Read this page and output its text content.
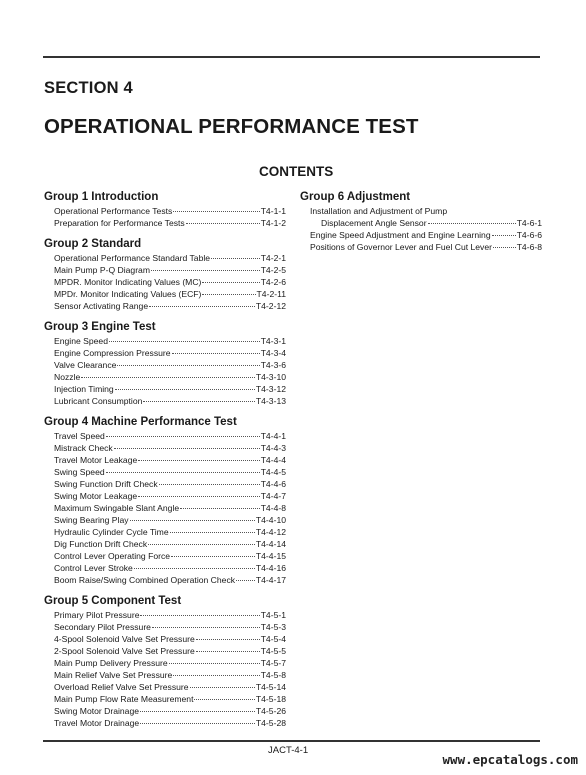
SECTION 4
OPERATIONAL PERFORMANCE TEST
CONTENTS
Group 1 Introduction
Operational Performance Tests	T4-1-1
Preparation for Performance Tests	T4-1-2
Group 2 Standard
Operational Performance Standard Table	T4-2-1
Main Pump P-Q Diagram	T4-2-5
MPDR. Monitor Indicating Values (MC)	T4-2-6
MPDr. Monitor Indicating Values (ECF)	T4-2-11
Sensor Activating Range	T4-2-12
Group 3 Engine Test
Engine Speed	T4-3-1
Engine Compression Pressure	T4-3-4
Valve Clearance	T4-3-6
Nozzle	T4-3-10
Injection Timing	T4-3-12
Lubricant Consumption	T4-3-13
Group 4 Machine Performance Test
Travel Speed	T4-4-1
Mistrack Check	T4-4-3
Travel Motor Leakage	T4-4-4
Swing Speed	T4-4-5
Swing Function Drift Check	T4-4-6
Swing Motor Leakage	T4-4-7
Maximum Swingable Slant Angle	T4-4-8
Swing Bearing Play	T4-4-10
Hydraulic Cylinder Cycle Time	T4-4-12
Dig Function Drift Check	T4-4-14
Control Lever Operating Force	T4-4-15
Control Lever Stroke	T4-4-16
Boom Raise/Swing Combined Operation Check T4-4-17
Group 5 Component Test
Primary Pilot Pressure	T4-5-1
Secondary Pilot Pressure	T4-5-3
4-Spool Solenoid Valve Set Pressure	T4-5-4
2-Spool Solenoid Valve Set Pressure	T4-5-5
Main Pump Delivery Pressure	T4-5-7
Main Relief Valve Set Pressure	T4-5-8
Overload Relief Valve Set Pressure	T4-5-14
Main Pump Flow Rate Measurement	T4-5-18
Swing Motor Drainage	T4-5-26
Travel Motor Drainage	T4-5-28
Group 6 Adjustment
Installation and Adjustment of Pump
Displacement Angle Sensor	T4-6-1
Engine Speed Adjustment and Engine Learning	T4-6-6
Positions of Governor Lever and Fuel Cut Lever	T4-6-8
JACT-4-1
www.epcatalogs.com
